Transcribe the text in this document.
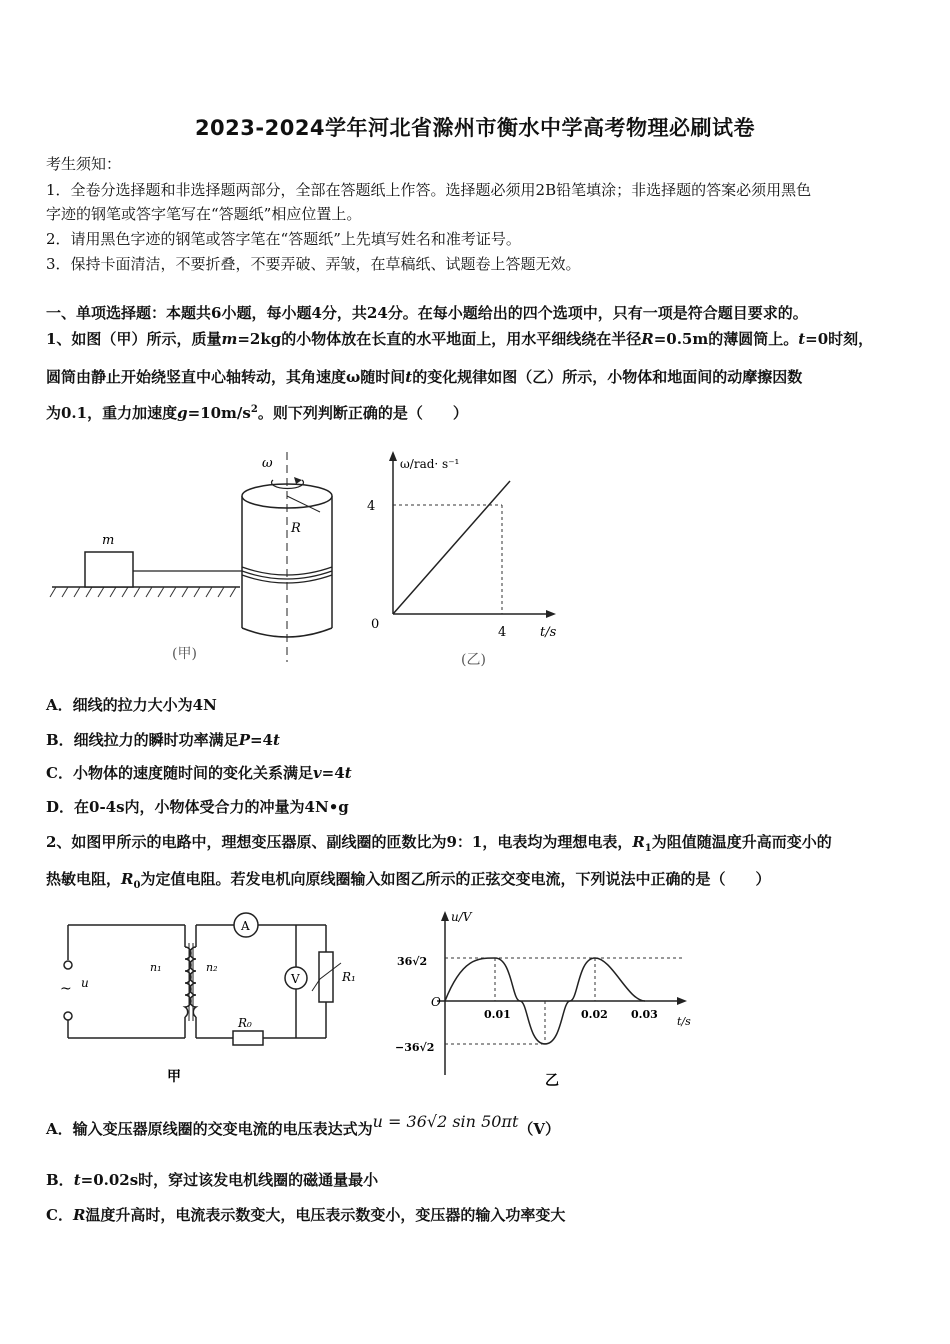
2023-2024学年河北省滁州市衡水中学高考物理必刷试卷
考生须知：
1．全卷分选择题和非选择题两部分，全部在答题纸上作答。选择题必须用2B铅笔填涂；非选择题的答案必须用黑色
字迹的钢笔或答字笔写在“答题纸”相应位置上。
2．请用黑色字迹的钢笔或答字笔在“答题纸”上先填写姓名和准考证号。
3．保持卡面清洁，不要折叠，不要弄破、弄皱，在草稿纸、试题卷上答题无效。
一、单项选择题：本题共6小题，每小题4分，共24分。在每小题给出的四个选项中，只有一项是符合题目要求的。
1、如图（甲）所示，质量m=2kg的小物体放在长直的水平地面上，用水平细线绕在半径R=0.5m的薄圆筒上。t=0时刻，
圆筒由静止开始绕竖直中心轴转动，其角速度ω随时间t的变化规律如图（乙）所示，小物体和地面间的动摩擦因数
为0.1，重力加速度$g=10m/s^2$。则下列判断正确的是（　　）
m
R
ω
(甲)
ω/rad· s⁻¹
t/s
4
4
0
(乙)
A．细线的拉力大小为4N
B．细线拉力的瞬时功率满足P=4t
C．小物体的速度随时间的变化关系满足v=4t
D．在0-4s内，小物体受合力的冲量为4N•g
2、如图甲所示的电路中，理想变压器原、副线圈的匝数比为9：1，电表均为理想电表，$R_1$为阻值随温度升高而变小的
热敏电阻，$R_0$为定值电阻。若发电机向原线圈输入如图乙所示的正弦交变电流，下列说法中正确的是（　　）
~ u
n₁	n₂
A
V	R₁
R₀
甲
u/V
t/s
36√2
−36√2
O
0.01	0.02 0.03
乙
A．输入变压器原线圈的交变电流的电压表达式为u = 36√2 sin 50πt（V）
B．t=0.02s时，穿过该发电机线圈的磁通量最小
C．R温度升高时，电流表示数变大，电压表示数变小，变压器的输入功率变大
